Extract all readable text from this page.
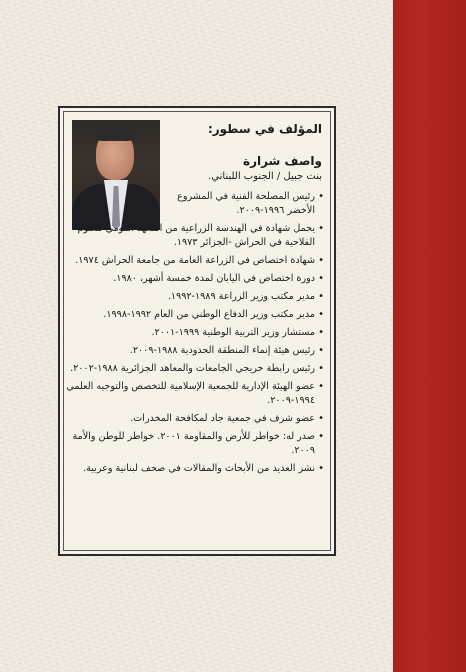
المؤلف في سطور:
واصف شرارة
بنت جبيل / الجنوب اللبناني.
• رئيس المصلحة الفنية في المشروع الأخضر ١٩٩٦-٢٠٠٩.
• يحمل شهادة في الهندسة الزراعية من المعهد القومي للعلوم الفلاحية في الحراش -الجزائر ١٩٧٣.
• شهادة اختصاص في الزراعة العامة من جامعة الحراش ١٩٧٤.
• دورة اختصاص في اليابان لمدة خمسة أشهر، ١٩٨٠.
• مدير مكتب وزير الزراعة ١٩٨٩-١٩٩٢.
• مدير مكتب وزير الدفاع الوطني من العام ١٩٩٢-١٩٩٨.
• مستشار وزير التربية الوطنية ١٩٩٩-٢٠٠١.
• رئيس هيئة إنماء المنطقة الحدودية ١٩٨٨-٢٠٠٩.
• رئيس رابطة خريجي الجامعات والمعاهد الجزائرية ١٩٨٨-٢٠٠٢.
• عضو الهيئة الإدارية للجمعية الإسلامية للتخصص والتوجيه العلمي ١٩٩٤-٢٠٠٩.
• عضو شرف في جمعية جاد لمكافحة المخدرات.
• صدر له: خواطر للأرض والمقاومة ٢٠٠١. خواطر للوطن والأمة ٢٠٠٩.
• نشر العديد من الأبحاث والمقالات في صحف لبنانية وعربية.
